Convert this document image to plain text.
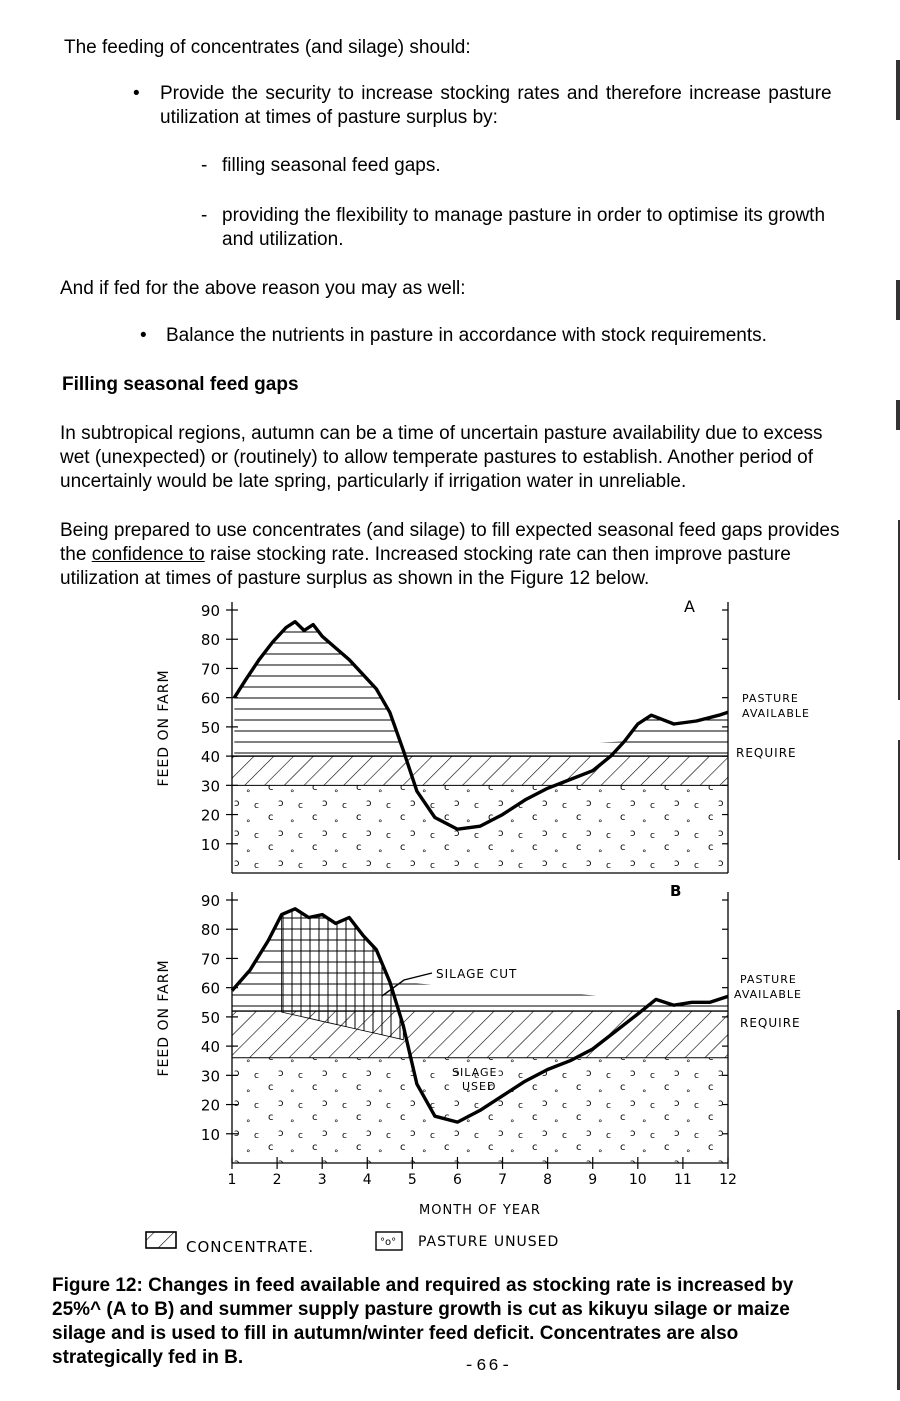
The feeding of concentrates (and silage) should:

• Provide the security to increase stocking rates and therefore increase pasture

utilization at times of pasture surplus by:

- filling seasonal feed gaps.

- providing the flexibility to manage pasture in order to optimise its growth

and utilization.

And if fed for the above reason you may as well:

• Balance the nutrients in pasture in accordance with stock requirements.

Filling seasonal feed gaps

In subtropical regions, autumn can be a time of uncertain pasture availability due to excess

wet (unexpected) or (routinely) to allow temperate pastures to establish. Another period of

uncertainly would be late spring, particularly if irrigation water in unreliable.

Being prepared to use concentrates (and silage) to fill expected seasonal feed gaps provides

the confidence to raise stocking rate. Increased stocking rate can then improve pasture

utilization at times of pasture surplus as shown in the Figure 12 below.

90
80
70
60
50
40
30
20
10
A
PASTURE
AVAILABLE
REQUIRE
FEED ON FARM
90
80
70
60
50
40
30
20
10
1	2	3	4	5	6	7	8	9 10 11 12
B
SILAGE CUT
SILAGE
USED
PASTURE
AVAILABLE
REQUIRE
FEED ON FARM
MONTH OF YEAR
CONCENTRATE.	°o° PASTURE UNUSED

Figure 12: Changes in feed available and required as stocking rate is increased by

25%^ (A to B) and summer supply pasture growth is cut as kikuyu silage or maize

silage and is used to fill in autumn/winter feed deficit. Concentrates are also

strategically fed in B.	-66-
